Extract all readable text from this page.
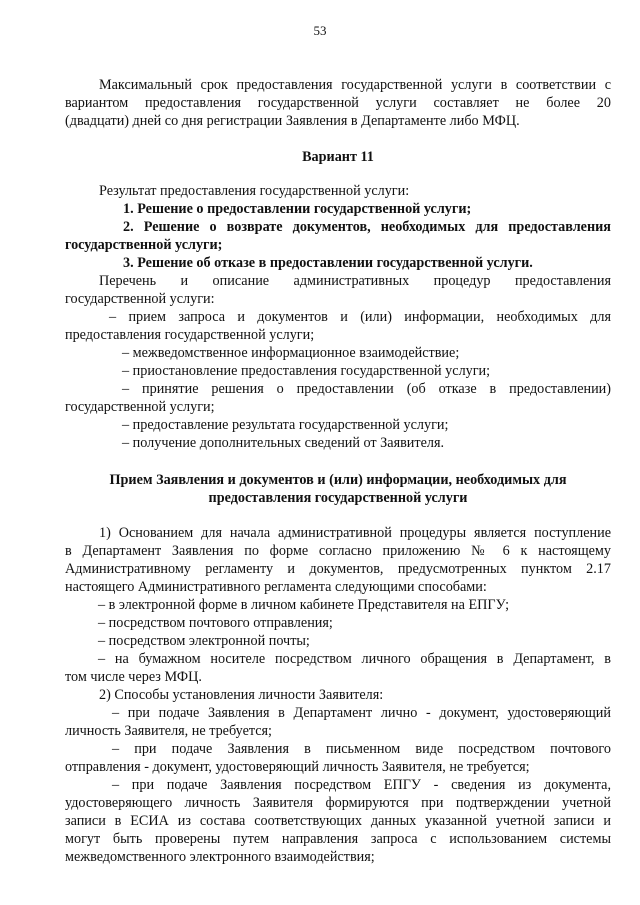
53
Максимальный срок предоставления государственной услуги в соответствии с
вариантом предоставления государственной услуги составляет не более 20
(двадцати) дней со дня регистрации Заявления в Департаменте либо МФЦ.
Вариант 11
Результат предоставления государственной услуги:
1. Решение о предоставлении государственной услуги;
2. Решение о возврате документов, необходимых для предоставления
государственной услуги;
3. Решение об отказе в предоставлении государственной услуги.
Перечень и описание административных процедур предоставления
государственной услуги:
– прием запроса и документов и (или) информации, необходимых для
предоставления государственной услуги;
– межведомственное информационное взаимодействие;
– приостановление предоставления государственной услуги;
– принятие решения о предоставлении (об отказе в предоставлении)
государственной услуги;
– предоставление результата государственной услуги;
– получение дополнительных сведений от Заявителя.
Прием Заявления и документов и (или) информации, необходимых для
предоставления государственной услуги
1) Основанием для начала административной процедуры является поступление
в Департамент Заявления по форме согласно приложению № 6 к настоящему
Административному регламенту и документов, предусмотренных пунктом 2.17
настоящего Административного регламента следующими способами:
– в электронной форме в личном кабинете Представителя на ЕПГУ;
– посредством почтового отправления;
– посредством электронной почты;
– на бумажном носителе посредством личного обращения в Департамент, в
том числе через МФЦ.
2) Способы установления личности Заявителя:
– при подаче Заявления в Департамент лично - документ, удостоверяющий
личность Заявителя, не требуется;
– при подаче Заявления в письменном виде посредством почтового
отправления - документ, удостоверяющий личность Заявителя, не требуется;
– при подаче Заявления посредством ЕПГУ - сведения из документа,
удостоверяющего личность Заявителя формируются при подтверждении учетной
записи в ЕСИА из состава соответствующих данных указанной учетной записи и
могут быть проверены путем направления запроса с использованием системы
межведомственного электронного взаимодействия;
